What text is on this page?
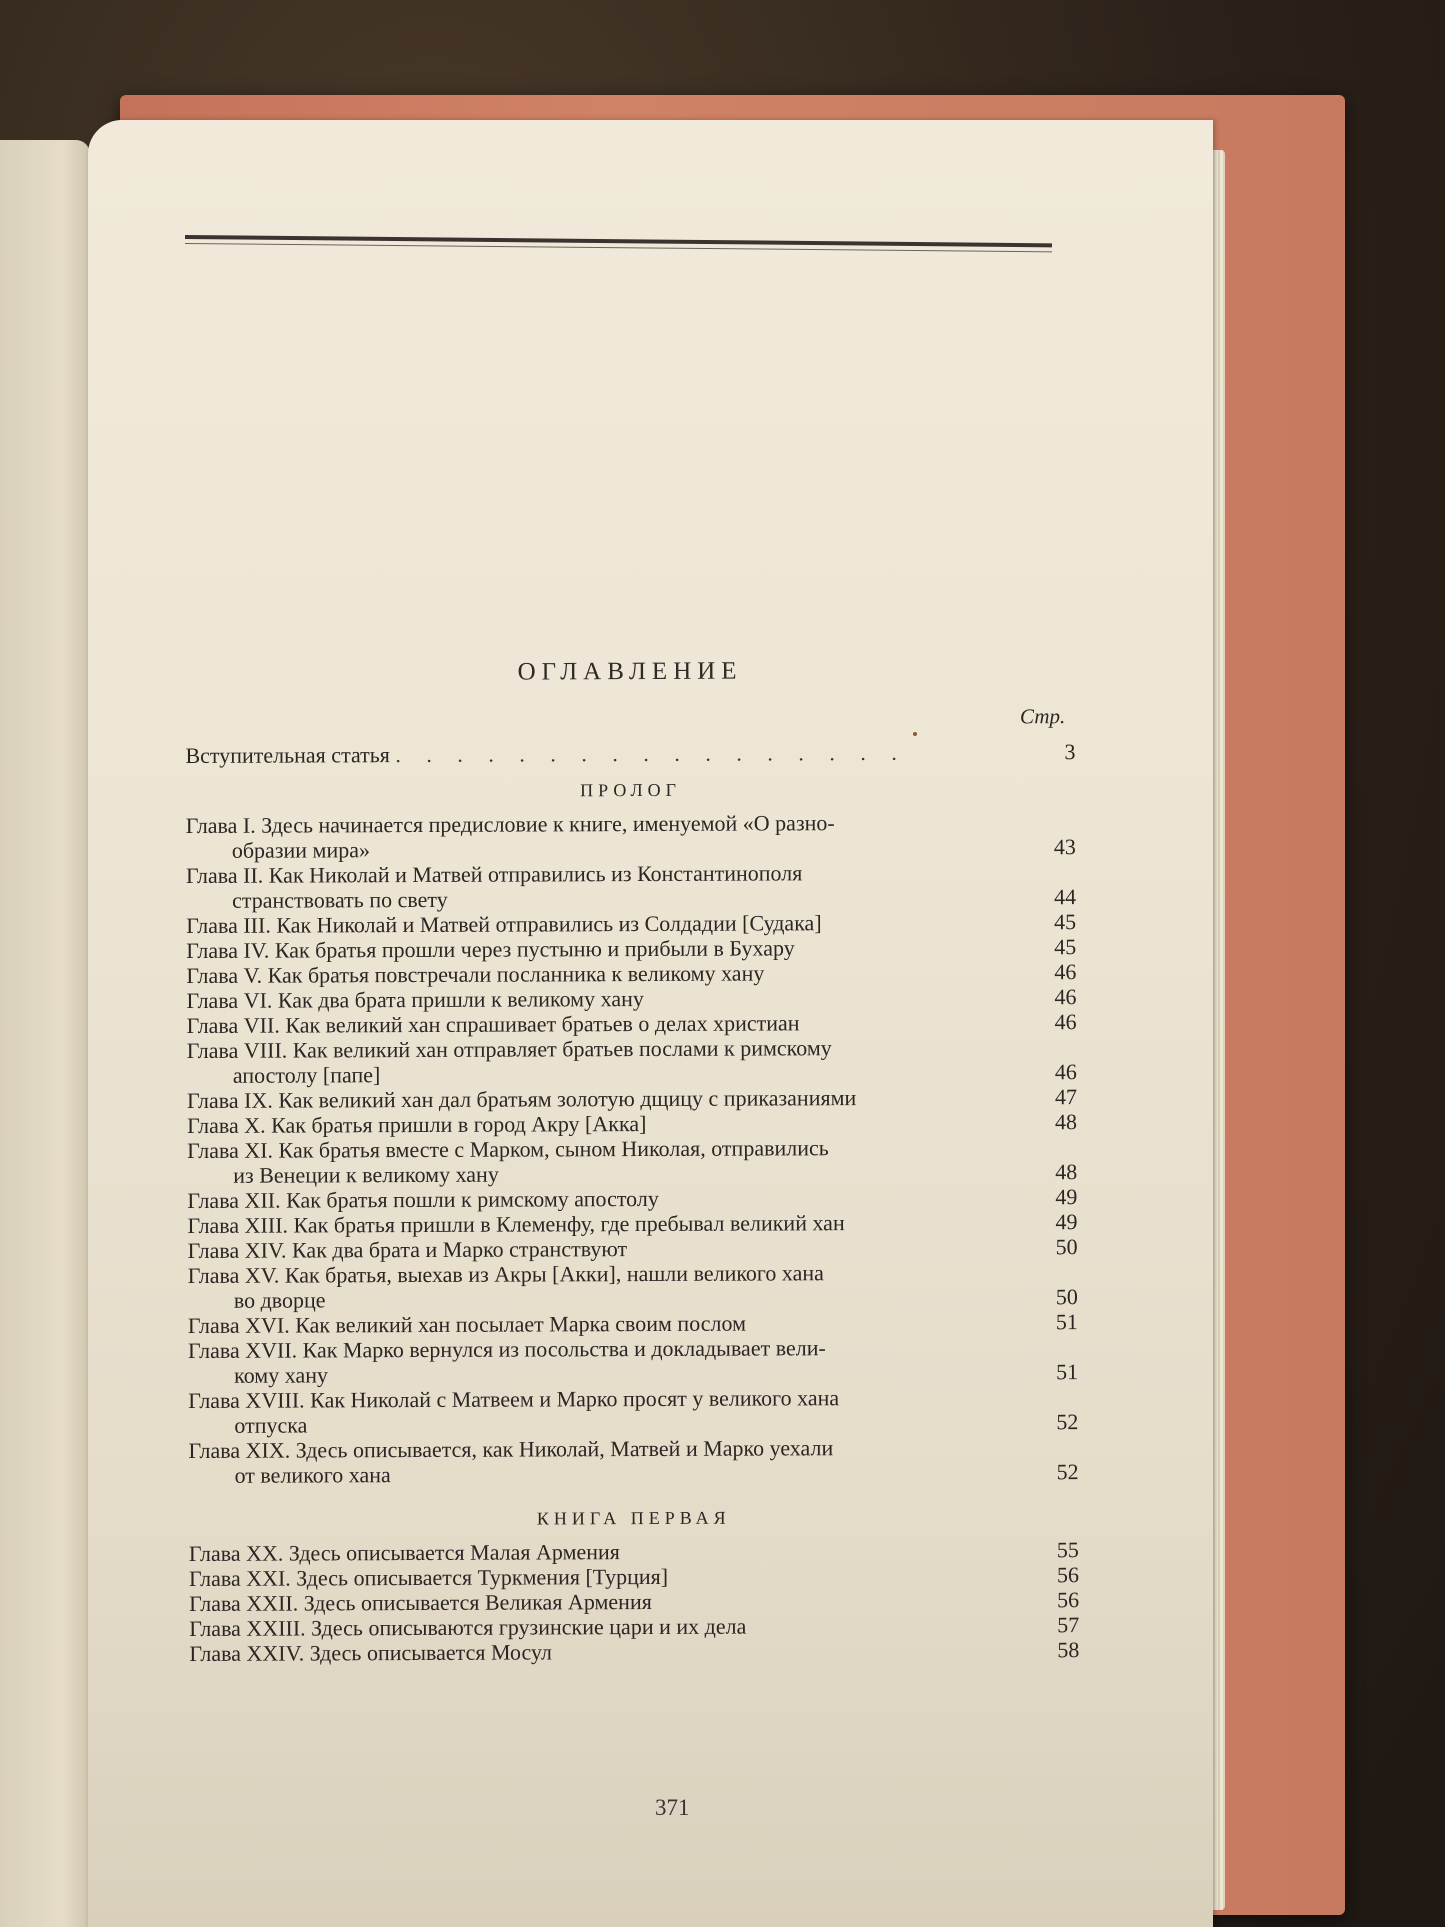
ОГЛАВЛЕНИЕ
Стр.
Вступительная статья . . . . . . . . . . . . . . . . .	3
ПРОЛОГ
Глава I. Здесь начинается предисловие к книге, именуемой «О разно-
образии мира»	43
Глава II. Как Николай и Матвей отправились из Константинополя
странствовать по свету	44
Глава III. Как Николай и Матвей отправились из Солдадии [Судака]	45
Глава IV. Как братья прошли через пустыню и прибыли в Бухару	45
Глава V. Как братья повстречали посланника к великому хану	46
Глава VI. Как два брата пришли к великому хану	46
Глава VII. Как великий хан спрашивает братьев о делах христиан	46
Глава VIII. Как великий хан отправляет братьев послами к римскому
апостолу [папе]	46
Глава IX. Как великий хан дал братьям золотую дщицу с приказаниями	47
Глава X. Как братья пришли в город Акру [Акка]	48
Глава XI. Как братья вместе с Марком, сыном Николая, отправились
из Венеции к великому хану	48
Глава XII. Как братья пошли к римскому апостолу	49
Глава XIII. Как братья пришли в Клеменфу, где пребывал великий хан	49
Глава XIV. Как два брата и Марко странствуют	50
Глава XV. Как братья, выехав из Акры [Акки], нашли великого хана
во дворце	50
Глава XVI. Как великий хан посылает Марка своим послом	51
Глава XVII. Как Марко вернулся из посольства и докладывает вели-
кому хану	51
Глава XVIII. Как Николай с Матвеем и Марко просят у великого хана
отпуска	52
Глава XIX. Здесь описывается, как Николай, Матвей и Марко уехали
от великого хана	52
КНИГА ПЕРВАЯ
Глава XX. Здесь описывается Малая Армения	55
Глава XXI. Здесь описывается Туркмения [Турция]	56
Глава XXII. Здесь описывается Великая Армения	56
Глава XXIII. Здесь описываются грузинские цари и их дела	57
Глава XXIV. Здесь описывается Мосул	58
371
